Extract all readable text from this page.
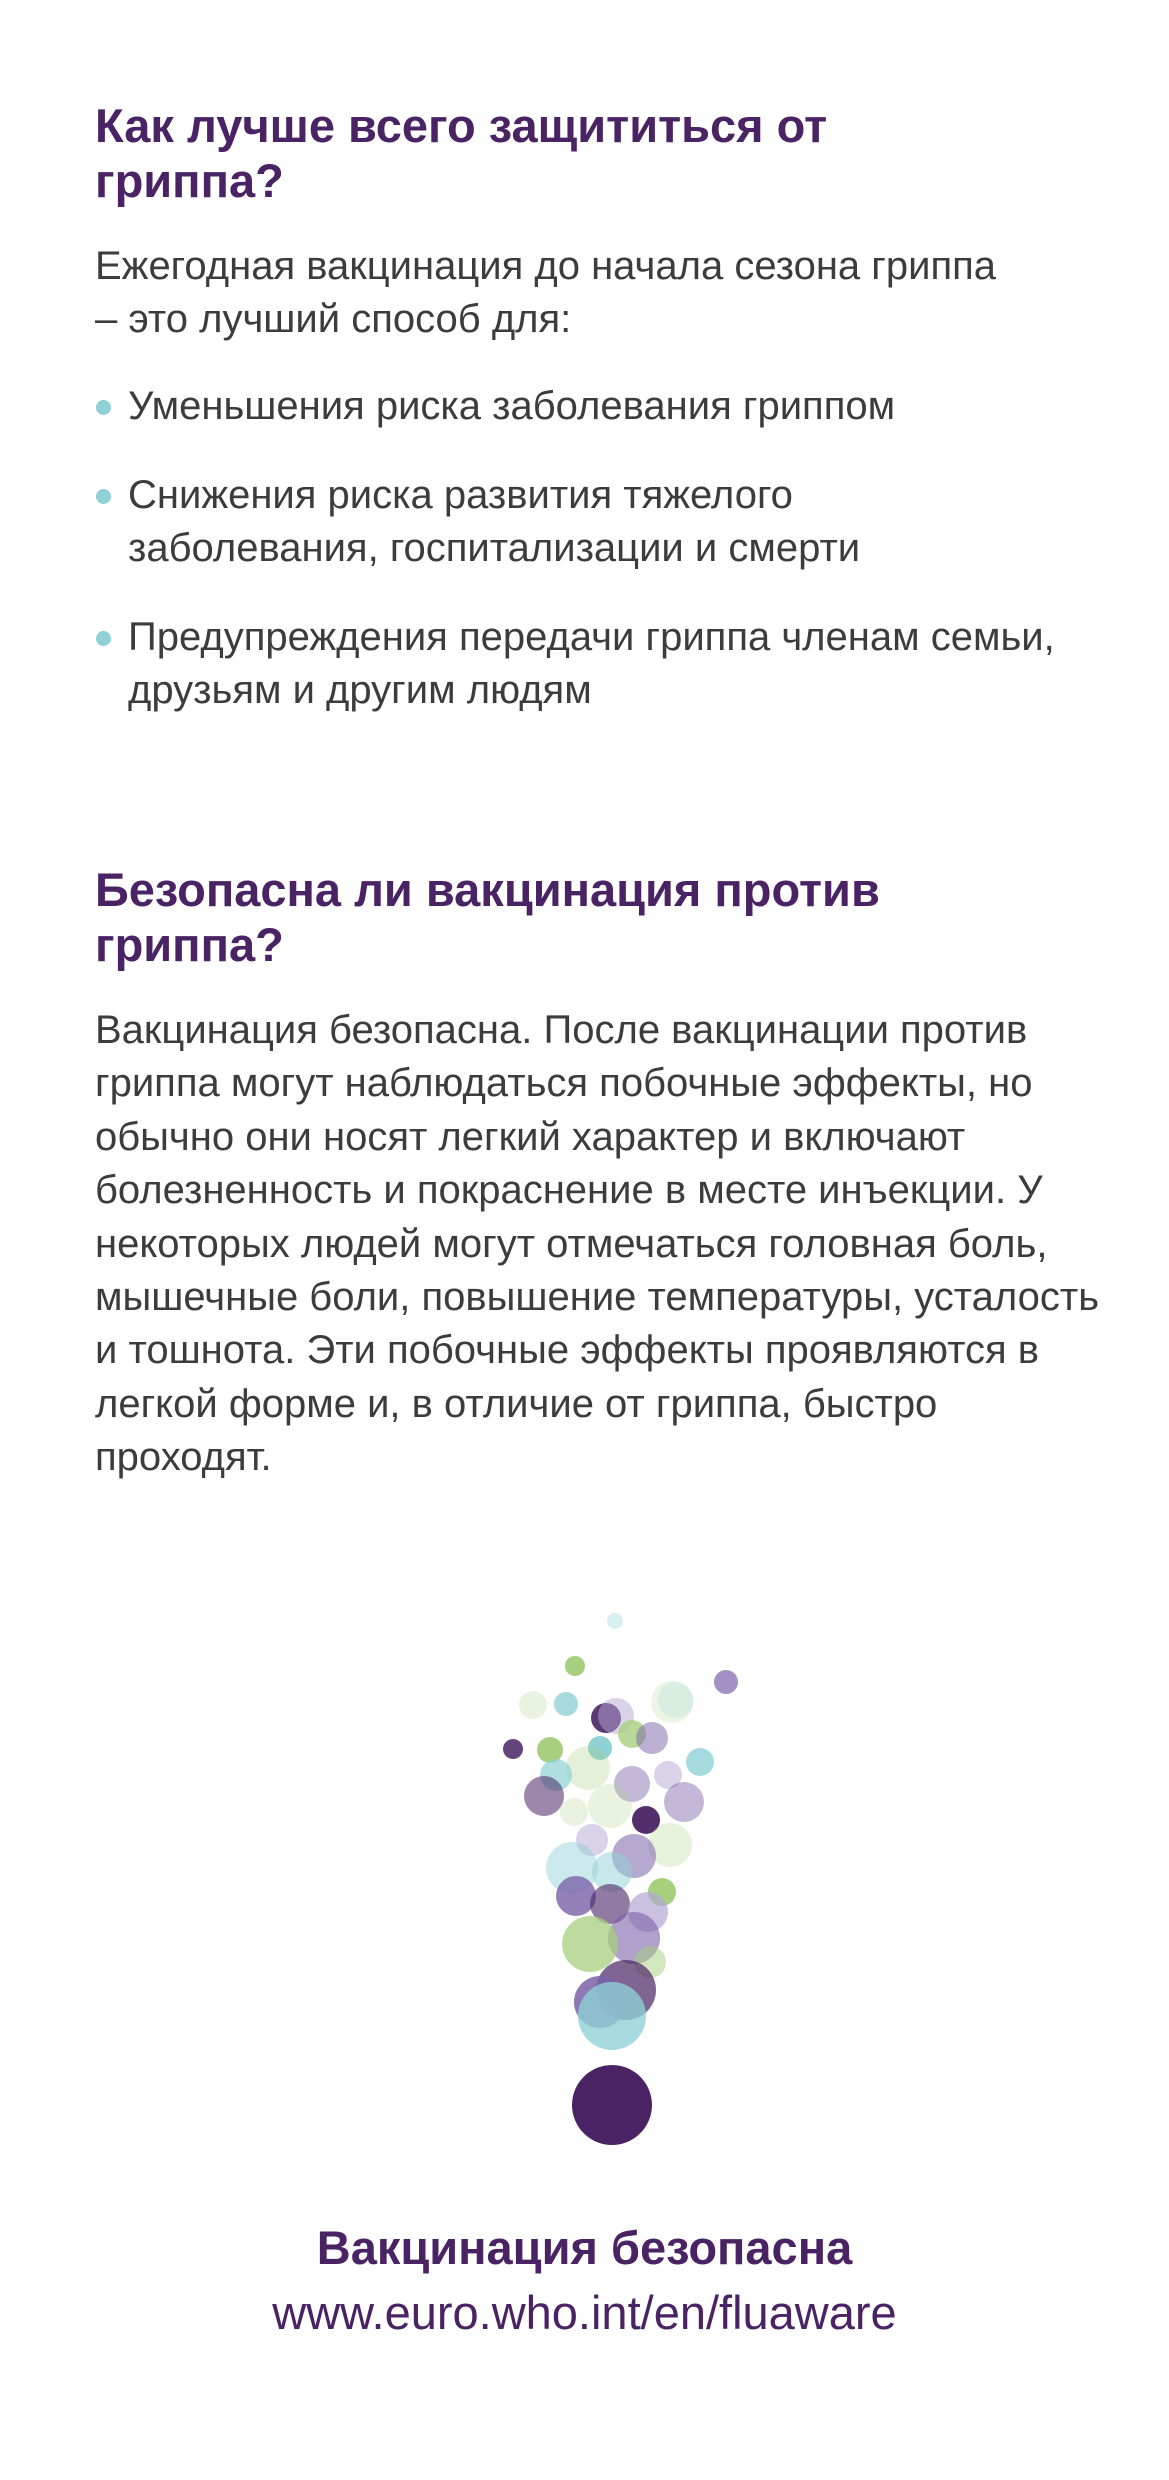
Как лучше всего защититься от гриппа?

Ежегодная вакцинация до начала сезона гриппа – это лучший способ для:

Уменьшения риска заболевания гриппом
Снижения риска развития тяжелого заболевания, госпитализации и смерти
Предупреждения передачи гриппа членам семьи, друзьям и другим людям
Безопасна ли вакцинация против гриппа?

Вакцинация безопасна. После вакцинации против гриппа могут наблюдаться побочные эффекты, но обычно они носят легкий характер и включают болезненность и покраснение в месте инъекции. У некоторых людей могут отмечаться головная боль, мышечные боли, повышение температуры, усталость и тошнота. Эти побочные эффекты проявляются в легкой форме и, в отличие от гриппа, быстро проходят.

Вакцинация безопасна
www.euro.who.int/en/fluaware
